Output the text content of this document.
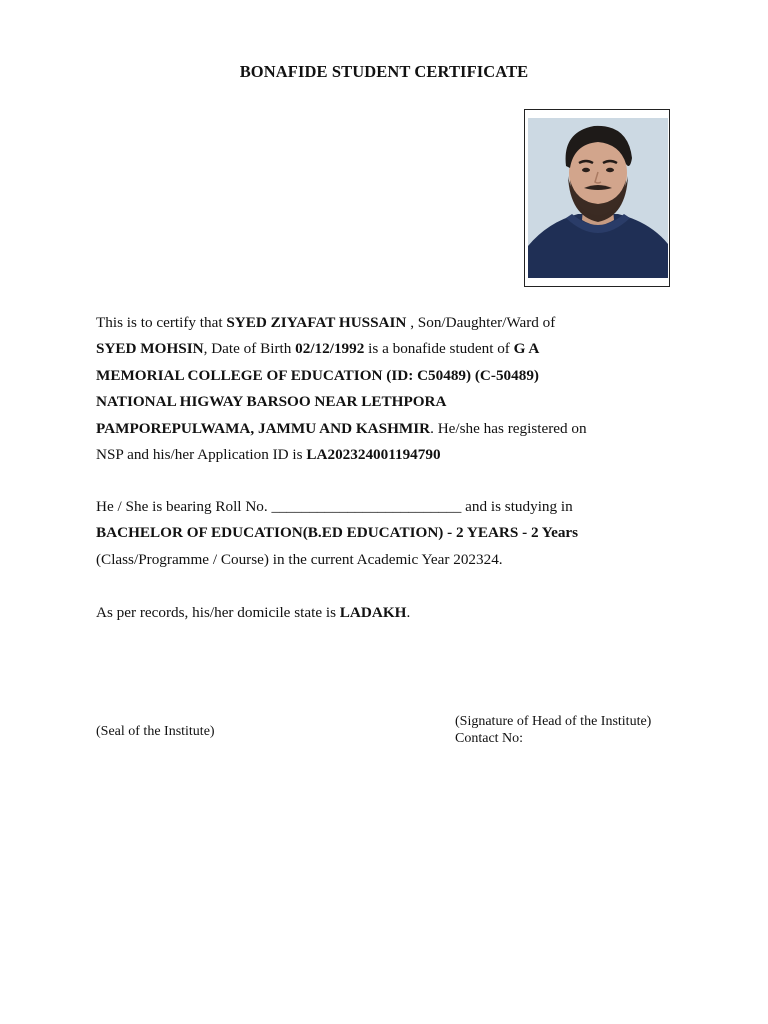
BONAFIDE STUDENT CERTIFICATE

This is to certify that SYED ZIYAFAT HUSSAIN , Son/Daughter/Ward of
SYED MOHSIN, Date of Birth 02/12/1992 is a bonafide student of G A
MEMORIAL COLLEGE OF EDUCATION (ID: C50489) (C-50489)
NATIONAL HIGWAY BARSOO NEAR LETHPORA
PAMPOREPULWAMA, JAMMU AND KASHMIR. He/she has registered on
NSP and his/her Application ID is LA202324001194790

He / She is bearing Roll No. _________________________ and is studying in
BACHELOR OF EDUCATION(B.ED EDUCATION) - 2 YEARS - 2 Years
(Class/Programme / Course) in the current Academic Year 202324.

As per records, his/her domicile state is LADAKH.

(Seal of the Institute)
(Signature of Head of the Institute)
Contact No:
